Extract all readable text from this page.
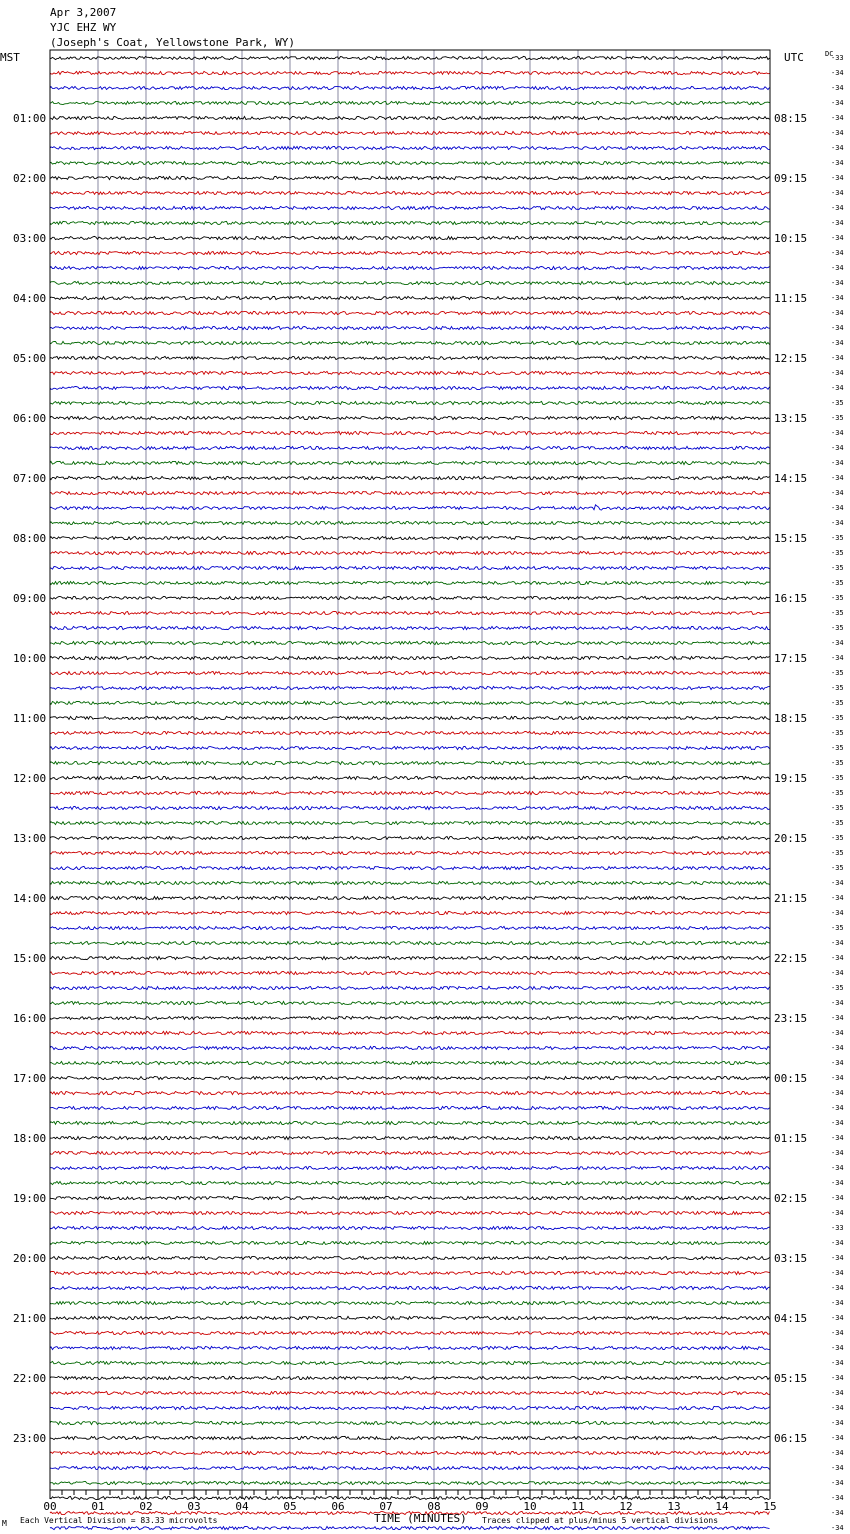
Apr 3,2007
YJC EHZ WY
(Joseph's Coat, Yellowstone Park, WY)
MST	UTC	DC
01:00
02:00
03:00
04:00
05:00
06:00
07:00
08:00
09:00
10:00
11:00
12:00
13:00
14:00
15:00
16:00
17:00
18:00
19:00
20:00
21:00
22:00
23:00
08:15
09:15
10:15
11:15
12:15
13:15
14:15
15:15
16:15
17:15
18:15
19:15
20:15
21:15
22:15
23:15
00:15
01:15
02:15
03:15
04:15
05:15
06:15
-33
-34
-34
-34
-34
-34
-34
-34
-34
-34
-34
-34
-34
-34
-34
-34
-34
-34
-34
-34
-34
-34
-34
-35
-35
-34
-34
-34
-34
-34
-34
-34
-35
-35
-35
-35
-35
-35
-35
-34
-34
-35
-35
-35
-35
-35
-35
-35
-35
-35
-35
-35
-35
-35
-35
-34
-34
-34
-35
-34
-34
-34
-35
-34
-34
-34
-34
-34
-34
-34
-34
-34
-34
-34
-34
-34
-34
-34
-33
-34
-34
-34
-34
-34
-34
-34
-34
-34
-34
-34
-34
-34
-34
-34
-34
-34
-34
-34
-34
00	01	02	03	04	05	06	07	08	09	10	11	12	13	14	15
TIME (MINUTES)
Each Vertical Division = 83.33 microvolts	Traces clipped at plus/minus 5 vertical divisions
M
